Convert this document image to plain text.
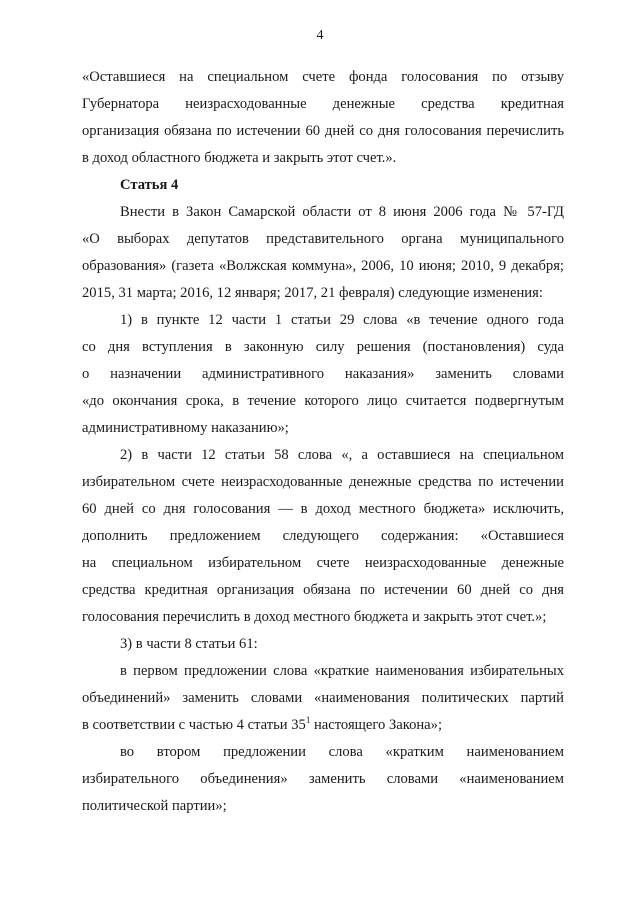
4
«Оставшиеся на специальном счете фонда голосования по отзыву
Губернатора неизрасходованные денежные средства кредитная
организация обязана по истечении 60 дней со дня голосования перечислить
в доход областного бюджета и закрыть этот счет.».
Статья 4
Внести в Закон Самарской области от 8 июня 2006 года № 57-ГД
«О выборах депутатов представительного органа муниципального
образования» (газета «Волжская коммуна», 2006, 10 июня; 2010, 9 декабря;
2015, 31 марта; 2016, 12 января; 2017, 21 февраля) следующие изменения:
1) в пункте 12 части 1 статьи 29 слова «в течение одного года
со дня вступления в законную силу решения (постановления) суда
о назначении административного наказания» заменить словами
«до окончания срока, в течение которого лицо считается подвергнутым
административному наказанию»;
2) в части 12 статьи 58 слова «, а оставшиеся на специальном
избирательном счете неизрасходованные денежные средства по истечении
60 дней со дня голосования — в доход местного бюджета» исключить,
дополнить предложением следующего содержания: «Оставшиеся
на специальном избирательном счете неизрасходованные денежные
средства кредитная организация обязана по истечении 60 дней со дня
голосования перечислить в доход местного бюджета и закрыть этот счет.»;
3) в части 8 статьи 61:
в первом предложении слова «краткие наименования избирательных
объединений» заменить словами «наименования политических партий
в соответствии с частью 4 статьи $35^1$ настоящего Закона»;
во втором предложении слова «кратким наименованием
избирательного объединения» заменить словами «наименованием
политической партии»;
